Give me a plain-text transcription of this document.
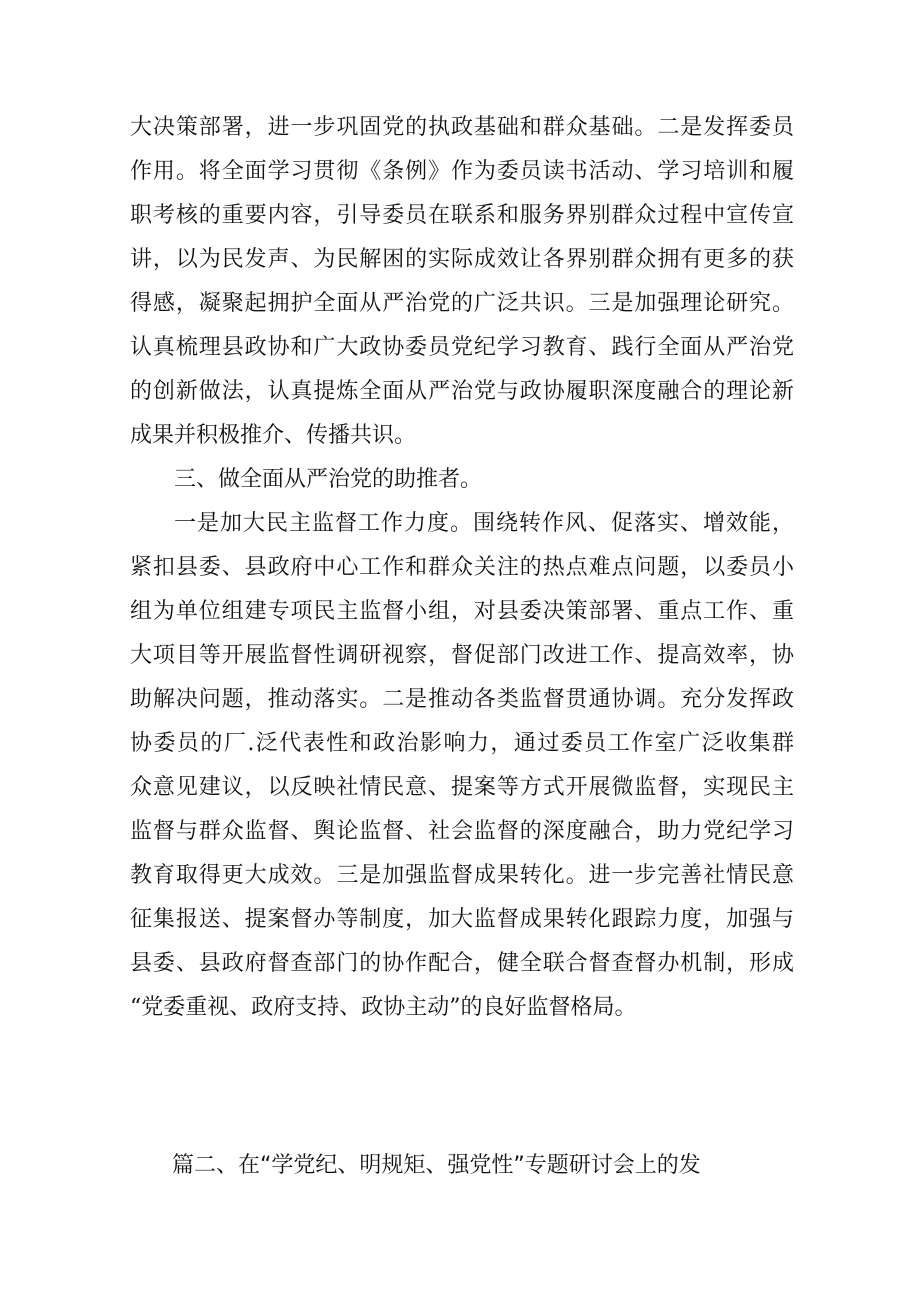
大决策部署，进一步巩固党的执政基础和群众基础。二是发挥委员
作用。将全面学习贯彻《条例》作为委员读书活动、学习培训和履
职考核的重要内容，引导委员在联系和服务界别群众过程中宣传宣
讲，以为民发声、为民解困的实际成效让各界别群众拥有更多的获
得感，凝聚起拥护全面从严治党的广泛共识。三是加强理论研究。
认真梳理县政协和广大政协委员党纪学习教育、践行全面从严治党
的创新做法，认真提炼全面从严治党与政协履职深度融合的理论新
成果并积极推介、传播共识。
三、做全面从严治党的助推者。
一是加大民主监督工作力度。围绕转作风、促落实、增效能，
紧扣县委、县政府中心工作和群众关注的热点难点问题，以委员小
组为单位组建专项民主监督小组，对县委决策部署、重点工作、重
大项目等开展监督性调研视察，督促部门改进工作、提高效率，协
助解决问题，推动落实。二是推动各类监督贯通协调。充分发挥政
协委员的厂.泛代表性和政治影响力，通过委员工作室广泛收集群
众意见建议，以反映社情民意、提案等方式开展微监督，实现民主
监督与群众监督、舆论监督、社会监督的深度融合，助力党纪学习
教育取得更大成效。三是加强监督成果转化。进一步完善社情民意
征集报送、提案督办等制度，加大监督成果转化跟踪力度，加强与
县委、县政府督查部门的协作配合，健全联合督查督办机制，形成
“党委重视、政府支持、政协主动”的良好监督格局。
篇二、在“学党纪、明规矩、强党性”专题研讨会上的发
